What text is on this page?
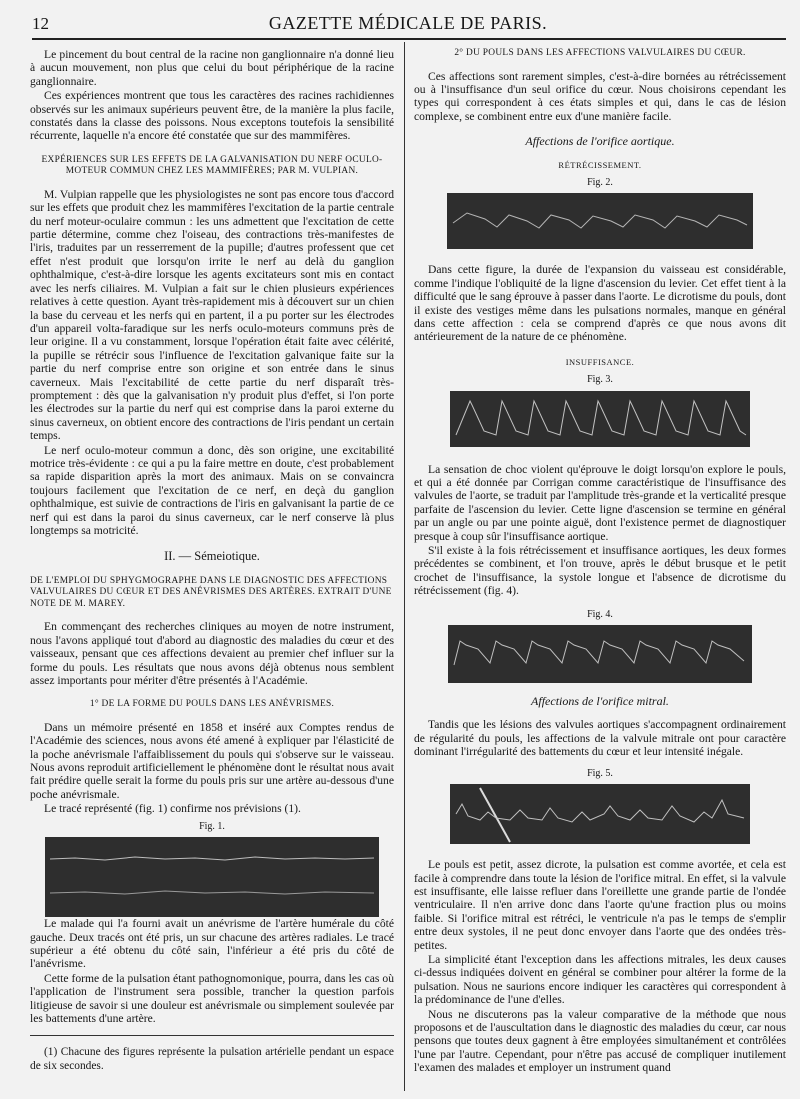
12	GAZETTE MÉDICALE DE PARIS.

Le pincement du bout central de la racine non ganglionnaire n'a donné lieu à aucun mouvement, non plus que celui du bout périphérique de la racine ganglionnaire.

Ces expériences montrent que tous les caractères des racines rachidiennes observés sur les animaux supérieurs peuvent être, de la manière la plus facile, constatés dans la classe des poissons. Nous exceptons toutefois la sensibilité récurrente, laquelle n'a encore été constatée que sur des mammifères.

EXPÉRIENCES SUR LES EFFETS DE LA GALVANISATION DU NERF OCULO-MOTEUR COMMUN CHEZ LES MAMMIFÈRES; PAR M. VULPIAN.

M. Vulpian rappelle que les physiologistes ne sont pas encore tous d'accord sur les effets que produit chez les mammifères l'excitation de la partie centrale du nerf moteur-oculaire commun : les uns admettent que l'excitation de cette partie détermine, comme chez l'oiseau, des contractions très-manifestes de l'iris, traduites par un resserrement de la pupille; d'autres professent que cet effet n'est produit que lorsqu'on irrite le nerf au delà du ganglion ophthalmique, c'est-à-dire lorsque les agents excitateurs sont mis en contact avec les nerfs ciliaires. M. Vulpian a fait sur le chien plusieurs expériences relatives à cette question. Ayant très-rapidement mis à découvert sur un chien la base du cerveau et les nerfs qui en partent, il a pu porter sur les électrodes d'un appareil volta-faradique sur les nerfs oculo-moteurs communs près de leur origine. Il a vu constamment, lorsque l'opération était faite avec célérité, la pupille se rétrécir sous l'influence de l'excitation galvanique faite sur la partie du nerf comprise entre son origine et son entrée dans le sinus caverneux. Mais l'excitabilité de cette partie du nerf disparaît très-promptement : dès que la galvanisation n'y produit plus d'effet, si l'on porte les électrodes sur la partie du nerf qui est comprise dans la paroi externe du sinus caverneux, on obtient encore des contractions de l'iris pendant un certain temps.

Le nerf oculo-moteur commun a donc, dès son origine, une excitabilité motrice très-évidente : ce qui a pu la faire mettre en doute, c'est probablement sa rapide disparition après la mort des animaux. Mais on se convaincra toujours facilement que l'excitation de ce nerf, en deçà du ganglion ophthalmique, est suivie de contractions de l'iris en galvanisant la partie de ce nerf qui est dans la paroi du sinus caverneux, car le nerf conserve là plus longtemps sa motricité.

II. — Sémeiotique.
DE L'EMPLOI DU SPHYGMOGRAPHE DANS LE DIAGNOSTIC DES AFFECTIONS VALVULAIRES DU CŒUR ET DES ANÉVRISMES DES ARTÈRES. EXTRAIT D'UNE NOTE DE M. MAREY.

En commençant des recherches cliniques au moyen de notre instrument, nous l'avons appliqué tout d'abord au diagnostic des maladies du cœur et des vaisseaux, pensant que ces affections devaient au premier chef influer sur la forme du pouls. Les résultats que nous avons déjà obtenus nous semblent assez importants pour mériter d'être présentés à l'Académie.

1° DE LA FORME DU POULS DANS LES ANÉVRISMES.

Dans un mémoire présenté en 1858 et inséré aux Comptes rendus de l'Académie des sciences, nous avons été amené à expliquer par l'élasticité de la poche anévrismale l'affaiblissement du pouls qui s'observe sur le vaisseau. Nous avons reproduit artificiellement le phénomène dont le résultat nous avait fait prédire quelle serait la forme du pouls pris sur une artère au-dessous d'une poche anévrismale.

Le tracé représenté (fig. 1) confirme nos prévisions (1).

Fig. 1.

Le malade qui l'a fourni avait un anévrisme de l'artère humérale du côté gauche. Deux tracés ont été pris, un sur chacune des artères radiales. Le tracé supérieur a été obtenu du côté sain, l'inférieur a été pris du côté de l'anévrisme.

Cette forme de la pulsation étant pathognomonique, pourra, dans les cas où l'application de l'instrument sera possible, trancher la question parfois litigieuse de savoir si une douleur est anévrismale ou simplement soulevée par les battements d'une artère.

(1) Chacune des figures représente la pulsation artérielle pendant un espace de six secondes.

2° DU POULS DANS LES AFFECTIONS VALVULAIRES DU CŒUR.

Ces affections sont rarement simples, c'est-à-dire bornées au rétrécissement ou à l'insuffisance d'un seul orifice du cœur. Nous choisirons cependant les types qui correspondent à ces états simples et qui, dans le cas de lésion complexe, se combinent entre eux d'une manière facile.

Affections de l'orifice aortique.
RÉTRÉCISSEMENT.
Fig. 2.

Dans cette figure, la durée de l'expansion du vaisseau est considérable, comme l'indique l'obliquité de la ligne d'ascension du levier. Cet effet tient à la difficulté que le sang éprouve à passer dans l'aorte. Le dicrotisme du pouls, dont il existe des vestiges même dans les pulsations normales, manque en général dans cette affection : cela se comprend d'après ce que nous avons dit antérieurement de la nature de ce phénomène.

INSUFFISANCE.
Fig. 3.

La sensation de choc violent qu'éprouve le doigt lorsqu'on explore le pouls, et qui a été donnée par Corrigan comme caractéristique de l'insuffisance des valvules de l'aorte, se traduit par l'amplitude très-grande et la verticalité presque parfaite de l'ascension du levier. Cette ligne d'ascension se termine en général par un angle ou par une pointe aiguë, dont l'existence permet de diagnostiquer presque à coup sûr l'insuffisance aortique.

S'il existe à la fois rétrécissement et insuffisance aortiques, les deux formes précédentes se combinent, et l'on trouve, après le début brusque et le petit crochet de l'insuffisance, la systole longue et l'absence de dicrotisme du rétrécissement (fig. 4).

Fig. 4.
Affections de l'orifice mitral.

Tandis que les lésions des valvules aortiques s'accompagnent ordinairement de régularité du pouls, les affections de la valvule mitrale ont pour caractère dominant l'irrégularité des battements du cœur et leur intensité inégale.

Fig. 5.

Le pouls est petit, assez dicrote, la pulsation est comme avortée, et cela est facile à comprendre dans toute la lésion de l'orifice mitral. En effet, si la valvule est insuffisante, elle laisse refluer dans l'oreillette une grande partie de l'ondée ventriculaire. Il n'en arrive donc dans l'aorte qu'une fraction plus ou moins faible. Si l'orifice mitral est rétréci, le ventricule n'a pas le temps de s'emplir entre deux systoles, il ne peut donc envoyer dans l'aorte que des ondées très-petites.

La simplicité étant l'exception dans les affections mitrales, les deux causes ci-dessus indiquées doivent en général se combiner pour altérer la forme de la pulsation. Nous ne saurions encore indiquer les caractères qui correspondent à la prédominance de l'une d'elles.

Nous ne discuterons pas la valeur comparative de la méthode que nous proposons et de l'auscultation dans le diagnostic des maladies du cœur, car nous pensons que toutes deux gagnent à être employées simultanément et contrôlées l'une par l'autre. Cependant, pour n'être pas accusé de compliquer inutilement l'examen des malades et employer un instrument quand
